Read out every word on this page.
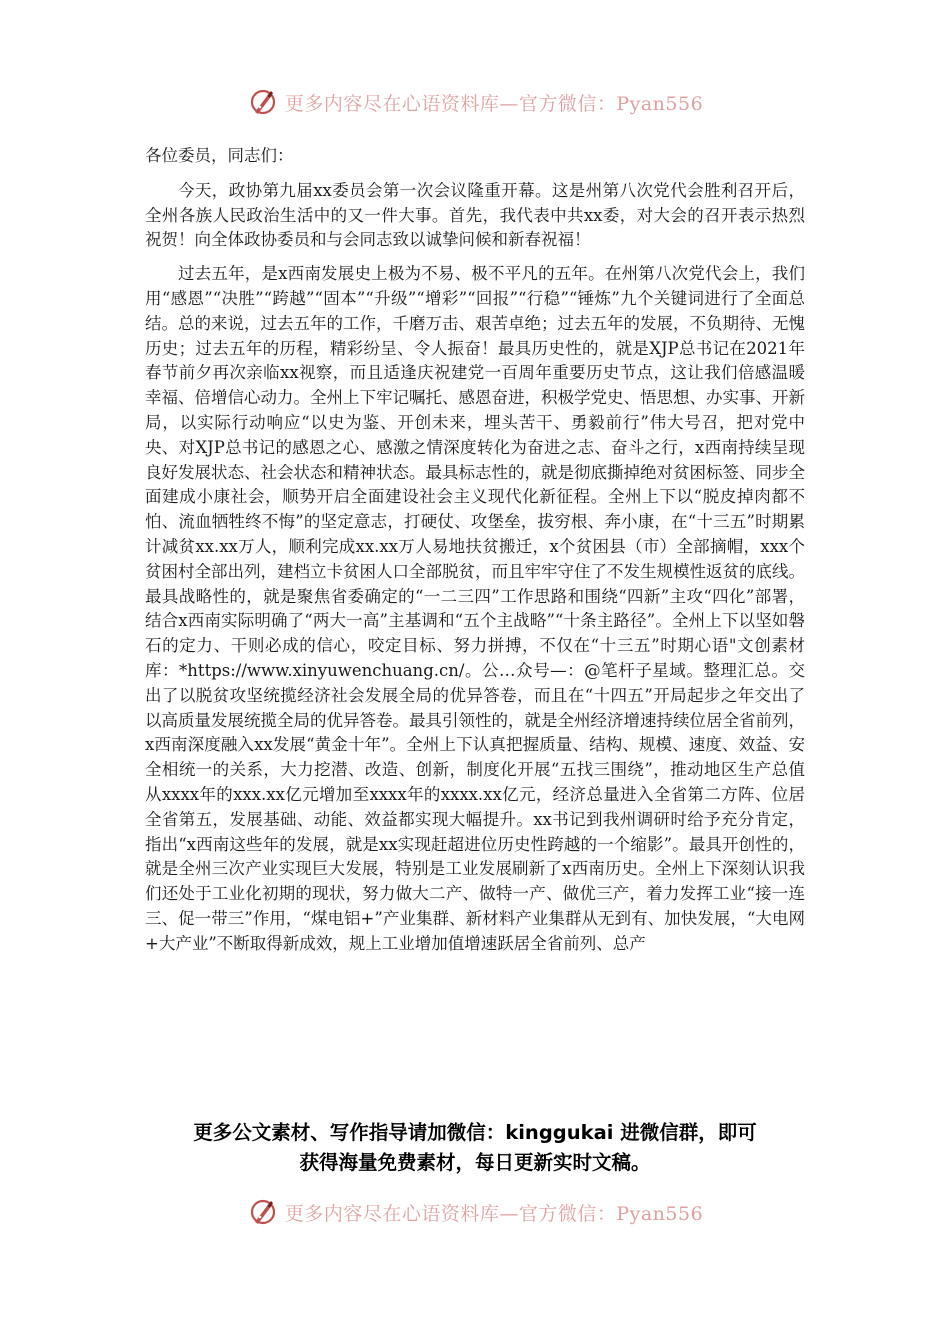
更多内容尽在心语资料库—官方微信：Pyan556

各位委员，同志们：

今天，政协第九届xx委员会第一次会议隆重开幕。这是州第八次党代会胜利召开后，全州各族人民政治生活中的又一件大事。首先，我代表中共xx委，对大会的召开表示热烈祝贺！向全体政协委员和与会同志致以诚挚问候和新春祝福！

过去五年，是x西南发展史上极为不易、极不平凡的五年。在州第八次党代会上，我们用“感恩”“决胜”“跨越”“固本”“升级”“增彩”“回报”“行稳”“锤炼”九个关键词进行了全面总结。总的来说，过去五年的工作，千磨万击、艰苦卓绝；过去五年的发展，不负期待、无愧历史；过去五年的历程，精彩纷呈、令人振奋！最具历史性的，就是XJP总书记在2021年春节前夕再次亲临xx视察，而且适逢庆祝建党一百周年重要历史节点，这让我们倍感温暖幸福、倍增信心动力。全州上下牢记嘱托、感恩奋进，积极学党史、悟思想、办实事、开新局，以实际行动响应“以史为鉴、开创未来，埋头苦干、勇毅前行”伟大号召，把对党中央、对XJP总书记的感恩之心、感激之情深度转化为奋进之志、奋斗之行，x西南持续呈现良好发展状态、社会状态和精神状态。最具标志性的，就是彻底撕掉绝对贫困标签、同步全面建成小康社会，顺势开启全面建设社会主义现代化新征程。全州上下以“脱皮掉肉都不怕、流血牺牲终不悔”的坚定意志，打硬仗、攻堡垒，拔穷根、奔小康，在“十三五”时期累计减贫xx.xx万人，顺利完成xx.xx万人易地扶贫搬迁，x个贫困县（市）全部摘帽，xxx个贫困村全部出列，建档立卡贫困人口全部脱贫，而且牢牢守住了不发生规模性返贫的底线。最具战略性的，就是聚焦省委确定的“一二三四”工作思路和围绕“四新”主攻“四化”部署，结合x西南实际明确了“两大一高”主基调和“五个主战略”“十条主路径”。全州上下以坚如磐石的定力、干则必成的信心，咬定目标、努力拼搏，不仅在“十三五”时期心语"文创素材库：*https://www.xinyuwenchuang.cn/。公…众号—：@笔杆子星域。整理汇总。交出了以脱贫攻坚统揽经济社会发展全局的优异答卷，而且在“十四五”开局起步之年交出了以高质量发展统揽全局的优异答卷。最具引领性的，就是全州经济增速持续位居全省前列，x西南深度融入xx发展“黄金十年”。全州上下认真把握质量、结构、规模、速度、效益、安全相统一的关系，大力挖潜、改造、创新，制度化开展“五找三围绕”，推动地区生产总值从xxxx年的xxx.xx亿元增加至xxxx年的xxxx.xx亿元，经济总量进入全省第二方阵、位居全省第五，发展基础、动能、效益都实现大幅提升。xx书记到我州调研时给予充分肯定，指出“x西南这些年的发展，就是xx实现赶超进位历史性跨越的一个缩影”。最具开创性的，就是全州三次产业实现巨大发展，特别是工业发展刷新了x西南历史。全州上下深刻认识我们还处于工业化初期的现状，努力做大二产、做特一产、做优三产，着力发挥工业“接一连三、促一带三”作用，“煤电铝+”产业集群、新材料产业集群从无到有、加快发展，“大电网+大产业”不断取得新成效，规上工业增加值增速跃居全省前列、总产

更多公文素材、写作指导请加微信：kinggukai 进微信群，即可
获得海量免费素材，每日更新实时文稿。
更多内容尽在心语资料库—官方微信：Pyan556
